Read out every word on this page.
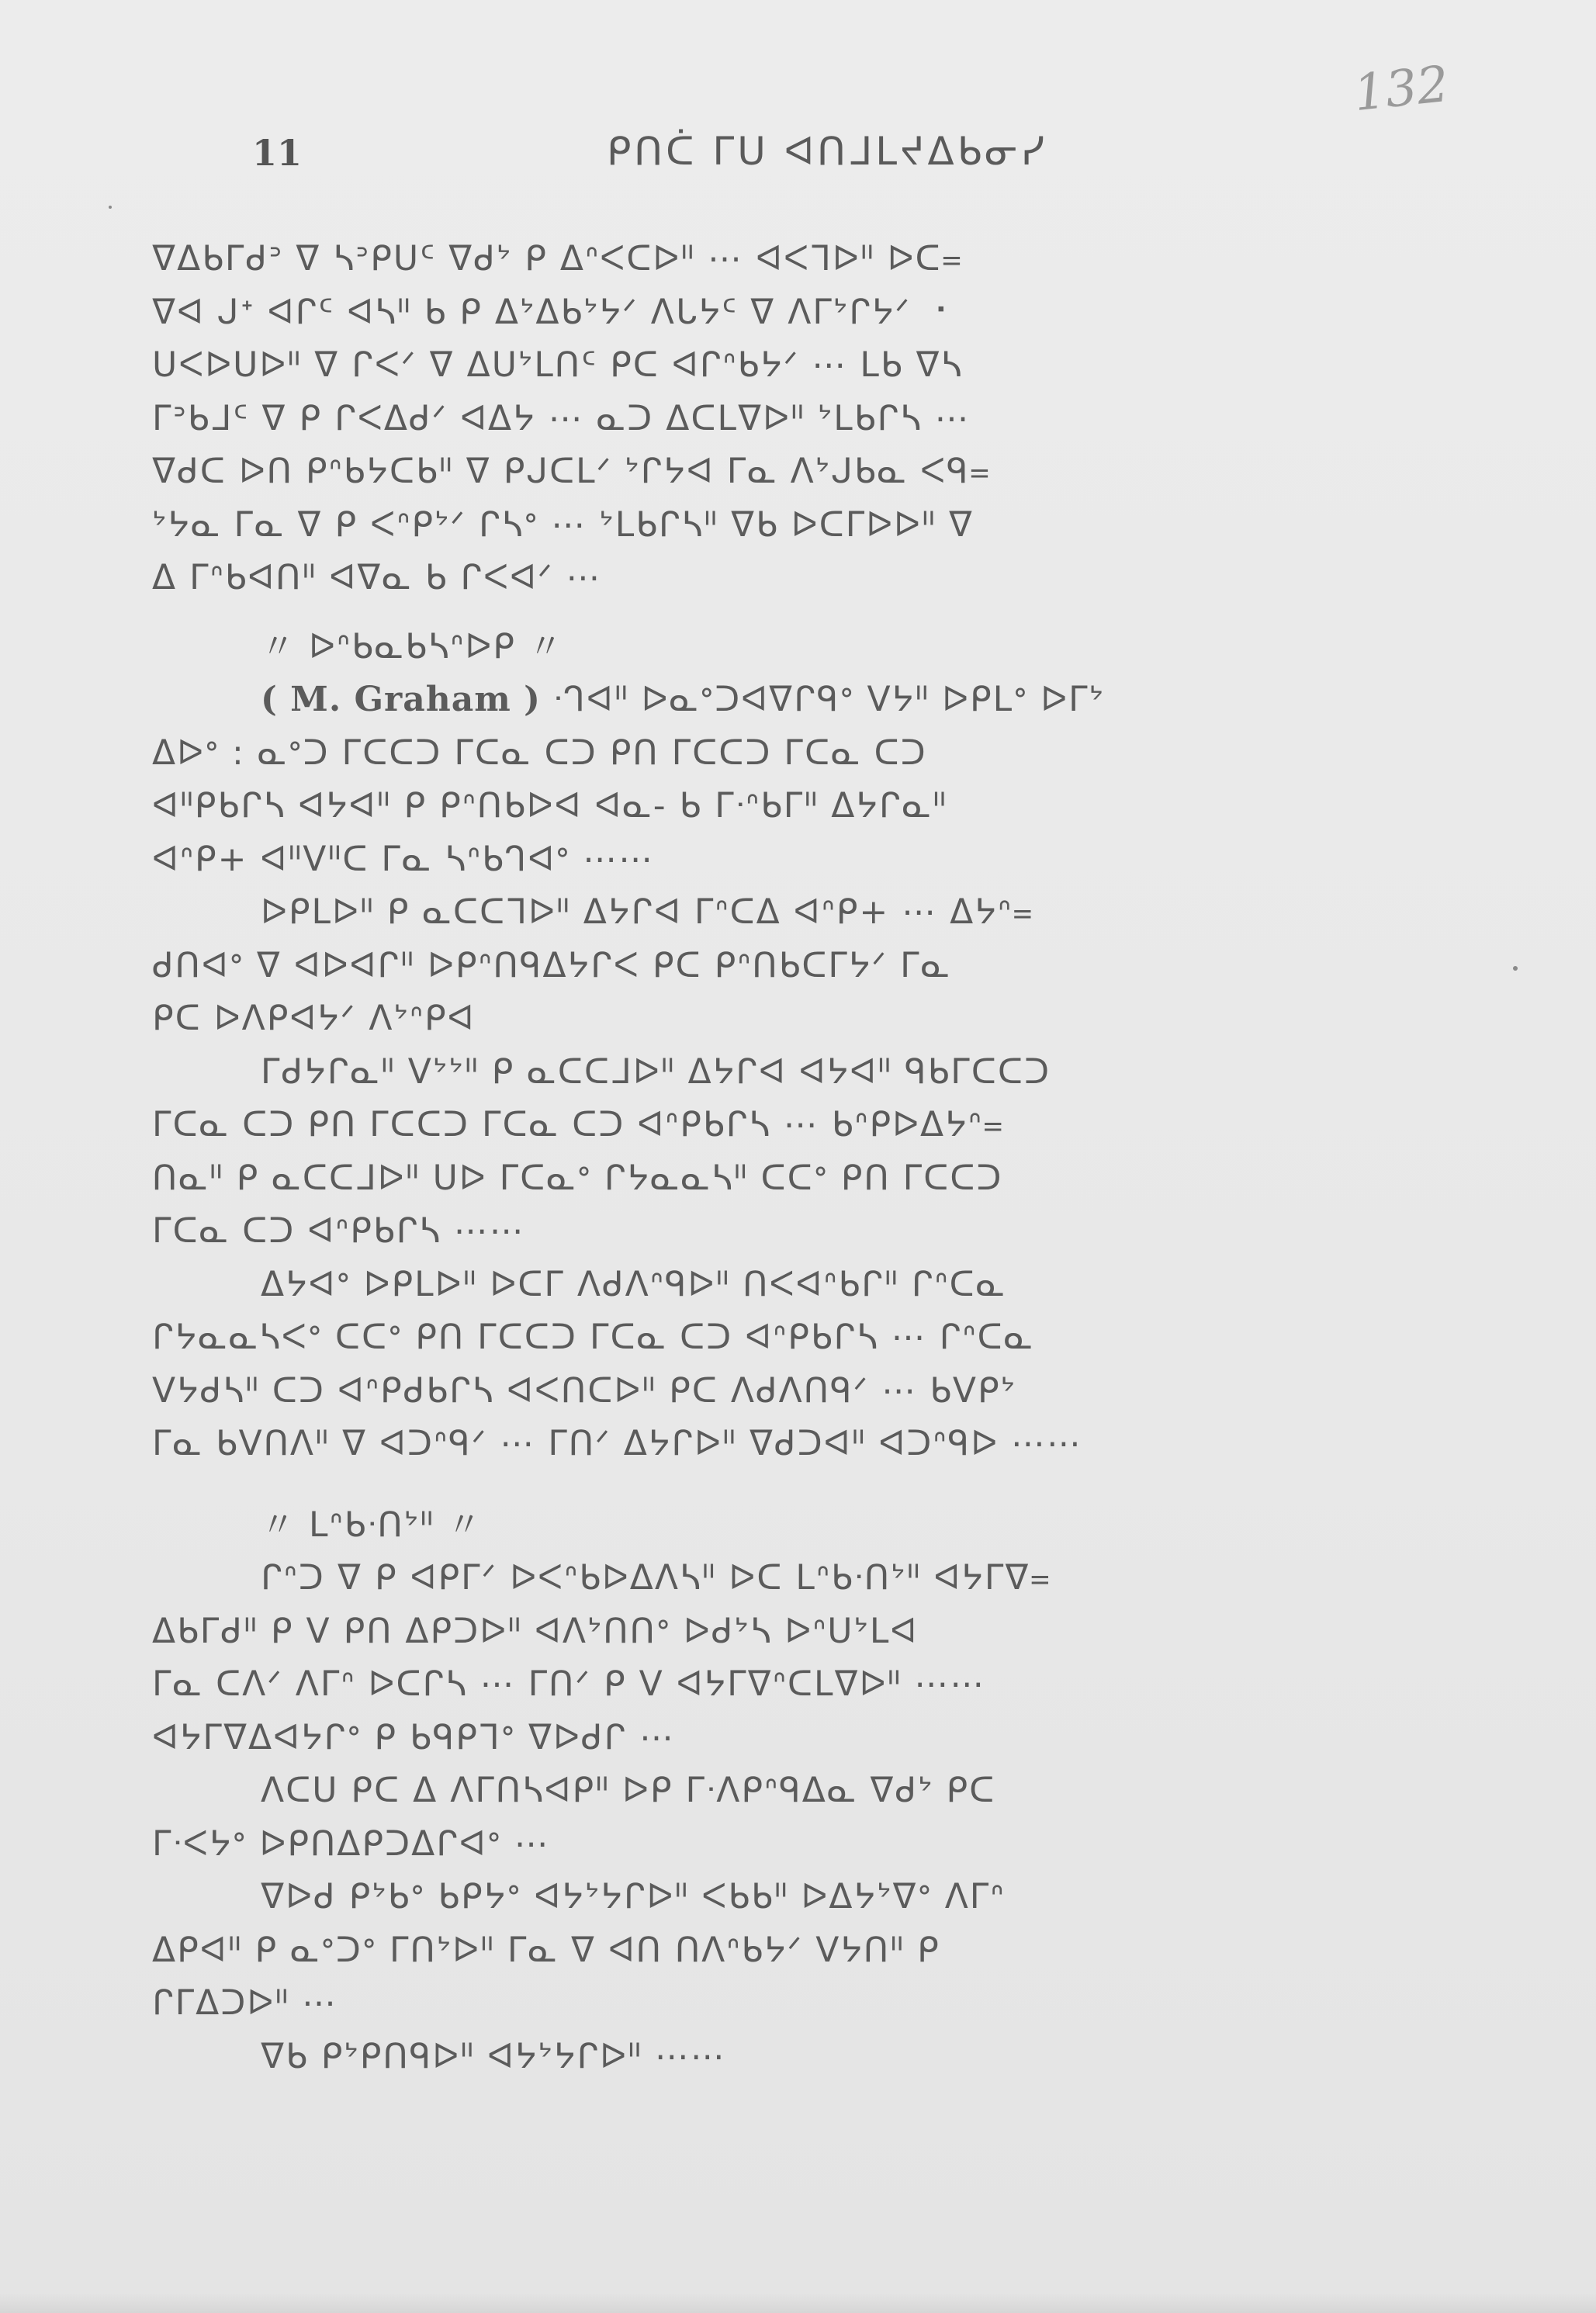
132
11	ᑭᑎᑖ ᒥᑌ ᐊᑎᒧᒪᔪᐃᑲᓂᓯ
ᐁᐃᑲᒥᑯᐣ ᐁ ᓴᐣᑭᑌᑦ ᐁᑯᔾ ᑭ ᐃᐢᐸᑕᐅᐦ ⋯ ᐊᐸᒣᐅᐦ ᐅᑕ᐀
ᐁᐊ ᒍᕀ ᐊᒋᑦ ᐊᓴᐦ ᑲ ᑭ ᐃᔾᐃᑲᔾᔭᐟ ᐱᒐᔭᑦ ᐁ ᐱᒥᔾᒋᔭᐟ ⠐
ᑌᐸᐅᑌᐅᐦ ᐁ ᒋᐸᐟ ᐁ ᐃᑌᔾᒪᑎᑦ ᑭᑕ ᐊᒋᐢᑲᔭᐟ ⋯ ᒪᑲ ᐁᓴ
ᒥᐣᑲᒧᑦ ᐁ ᑭ ᒋᐸᐃᑯᐟ ᐊᐃᔭ ⋯ ᓇᑐ ᐃᑕᒪᐁᐅᐦ ᔾᒪᑲᒋᓴ ⋯
ᐁᑯᑕ ᐅᑎ ᑭᐢᑲᔭᑕᑲᐦ ᐁ ᑭᒍᑕᒪᐟ ᔾᒋᔭᐊ ᒥᓇ ᐱᔾᒍᑲᓇ ᐸᑫ᐀
ᔾᔭᓇ ᒥᓇ ᐁ ᑭ ᐸᐢᑭᔾᐟ ᒋᓴᐤ ⋯ ᔾᒪᑲᒋᓴᐦ ᐁᑲ ᐅᑕᒥᐅᐅᐦ ᐁ
ᐃ ᒥᐢᑲᐊᑎᐦ ᐊᐁᓇ ᑲ ᒋᐸᐊᐟ ⋯
〃 ᐅᐢᑲᓇᑲᓴᐢᐅᑭ 〃
( M. Graham ) ᐧᒉᐊᐦ ᐅᓇᐤᑐᐊᐁᒋᑫᐤ ᐯᔭᐦ ᐅᑭᒪᐤ ᐅᒥᔾ
ᐃᐅᐤ : ᓇᐤᑐ ᒥᑕᑕᑐ ᒥᑕᓇ ᑕᑐ ᑭᑎ ᒥᑕᑕᑐ ᒥᑕᓇ ᑕᑐ
ᐊᐦᑭᑲᒋᓴ ᐊᔭᐊᐦ ᑭ ᑭᐢᑎᑲᐅᐊ ᐊᓇ- ᑲ ᒥᐧᐢᑲᒥᐦ ᐃᔭᒋᓇᐦ
ᐊᐢᑭ+ ᐊᐦᐯᐦᑕ ᒥᓇ ᓴᐢᑲᒉᐊᐤ ⋯⋯
ᐅᑭᒪᐅᐦ ᑭ ᓇᑕᑕᒣᐅᐦ ᐃᔭᒋᐊ ᒥᐢᑕᐃ ᐊᐢᑭ+ ⋯ ᐃᔭᐢ᐀
ᑯᑎᐊᐤ ᐁ ᐊᐅᐊᒋᐦ ᐅᑭᐢᑎᑫᐃᔭᒋᐸ ᑭᑕ ᑭᐢᑎᑲᑕᒥᔭᐟ ᒥᓇ
ᑭᑕ ᐅᐱᑭᐊᔭᐟ ᐱᔾᐢᑭᐊ
ᒥᑯᔭᒋᓇᐦ ᐯᔾᔾᐦ ᑭ ᓇᑕᑕᒧᐅᐦ ᐃᔭᒋᐊ ᐊᔭᐊᐦ ᑫᑲᒥᑕᑕᑐ
ᒥᑕᓇ ᑕᑐ ᑭᑎ ᒥᑕᑕᑐ ᒥᑕᓇ ᑕᑐ ᐊᐢᑭᑲᒋᓴ ⋯ ᑲᐢᑭᐅᐃᔭᐢ᐀
ᑎᓇᐦ ᑭ ᓇᑕᑕᒧᐅᐦ ᑌᐅ ᒥᑕᓇᐤ ᒋᔭᓇᓇᓴᐦ ᑕᑕᐤ ᑭᑎ ᒥᑕᑕᑐ
ᒥᑕᓇ ᑕᑐ ᐊᐢᑭᑲᒋᓴ ⋯⋯
ᐃᔭᐊᐤ ᐅᑭᒪᐅᐦ ᐅᑕᒥ ᐱᑯᐱᐢᑫᐅᐦ ᑎᐸᐊᐢᑲᒋᐦ ᒋᐢᑕᓇ
ᒋᔭᓇᓇᓴᐸᐤ ᑕᑕᐤ ᑭᑎ ᒥᑕᑕᑐ ᒥᑕᓇ ᑕᑐ ᐊᐢᑭᑲᒋᓴ ⋯ ᒋᐢᑕᓇ
ᐯᔭᑯᓴᐦ ᑕᑐ ᐊᐢᑭᑯᑲᒋᓴ ᐊᐸᑎᑕᐅᐦ ᑭᑕ ᐱᑯᐱᑎᑫᐟ ⋯ ᑲᐯᑭᔾ
ᒥᓇ ᑲᐯᑎᐱᐦ ᐁ ᐊᑐᐢᑫᐟ ⋯ ᒥᑎᐟ ᐃᔭᒋᐅᐦ ᐁᑯᑐᐊᐦ ᐊᑐᐢᑫᐅ ⋯⋯
〃 ᒪᐢᑲᐧᑎᔾᐦ 〃
ᒋᐢᑐ ᐁ ᑭ ᐊᑭᒥᐟ ᐅᐸᐢᑲᐅᐃᐱᓴᐦ ᐅᑕ ᒪᐢᑲᐧᑎᔾᐦ ᐊᔭᒥᐁ᐀
ᐃᑲᒥᑯᐦ ᑭ ᐯ ᑭᑎ ᐃᑭᑐᐅᐦ ᐊᐱᔾᑎᑎᐤ ᐅᑯᔾᓴ ᐅᐢᑌᔾᒪᐊ
ᒥᓇ ᑕᐱᐟ ᐱᒥᐢ ᐅᑕᒋᓴ ⋯ ᒥᑎᐟ ᑭ ᐯ ᐊᔭᒥᐁᐢᑕᒪᐁᐅᐦ ⋯⋯
ᐊᔭᒥᐁᐃᐊᔭᒋᐤ ᑭ ᑲᑫᑭᒣᐤ ᐁᐅᑯᒋ ⋯
ᐱᑕᑌ ᑭᑕ ᐃ ᐱᒥᑎᓴᐊᑭᐦ ᐅᑭ ᒥᐧᐱᑭᐢᑫᐃᓇ ᐁᑯᔾ ᑭᑕ
ᒥᐧᐸᔭᐤ ᐅᑭᑎᐃᑭᑐᐃᒋᐊᐤ ⋯
ᐁᐅᑯ ᑭᔾᑲᐤ ᑲᑭᔭᐤ ᐊᔭᔾᔭᒋᐅᐦ ᐸᑲᑲᐦ ᐅᐃᔭᔾᐁᐤ ᐱᒥᐢ
ᐃᑭᐊᐦ ᑭ ᓇᐤᑐᐤ ᒥᑎᔾᐅᐦ ᒥᓇ ᐁ ᐊᑎ ᑎᐱᐢᑲᔭᐟ ᐯᔭᑎᐦ ᑭ
ᒋᒥᐃᑐᐅᐦ ⋯
ᐁᑲ ᑭᔾᑭᑎᑫᐅᐦ ᐊᔭᔾᔭᒋᐅᐦ ⋯⋯
